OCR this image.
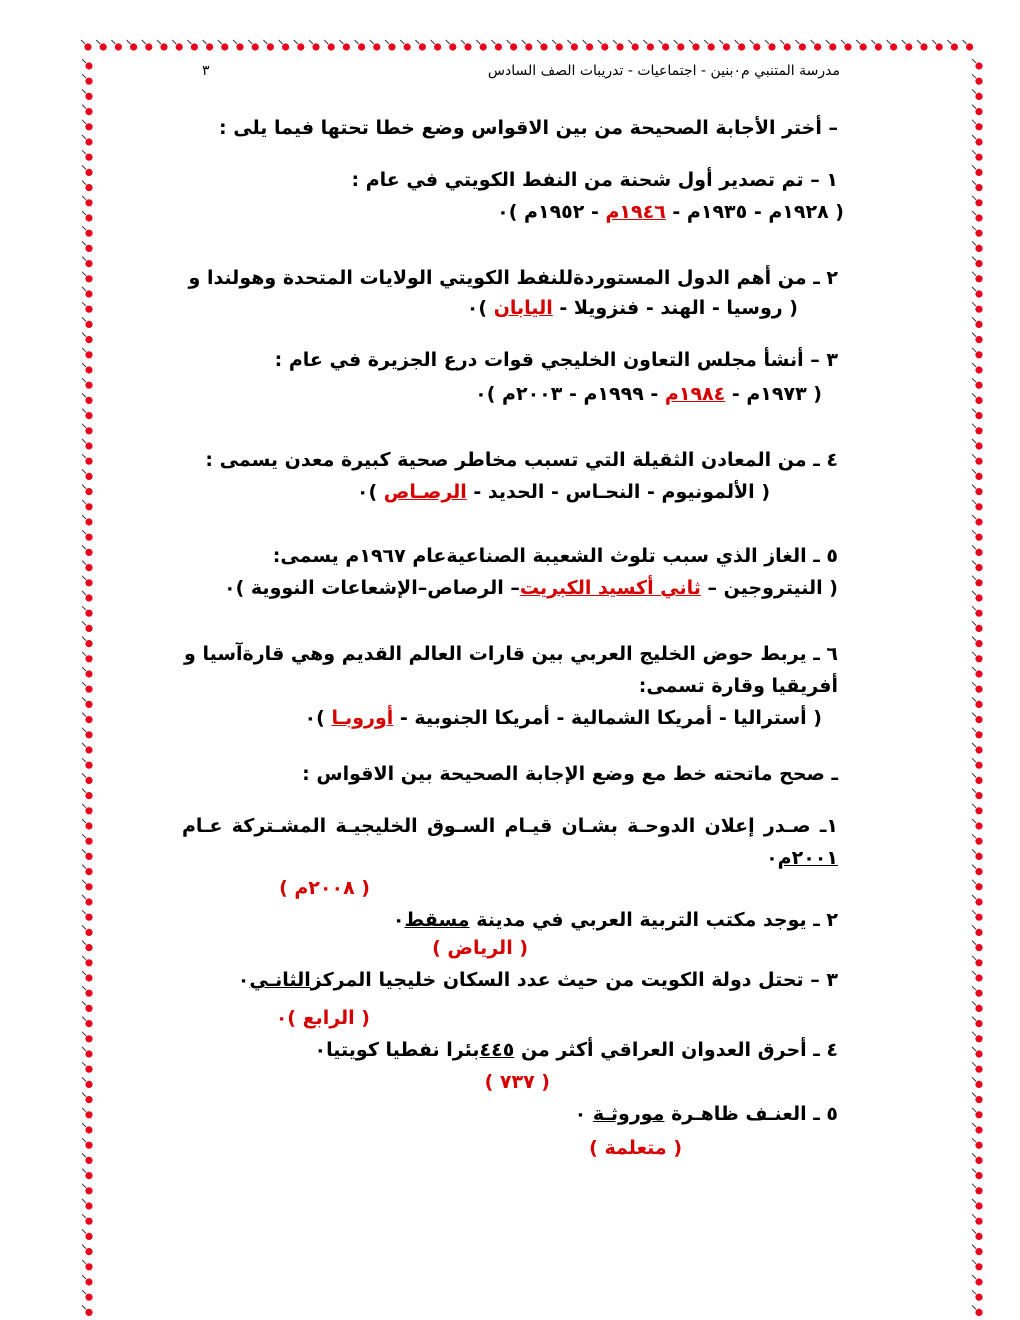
مدرسة المتنبي م٠بنين - اجتماعيات - تدريبات الصف السادس
٣
– أختر الأجابة الصحيحة من بين الاقواس وضع خطا تحتها فيما يلى :
١ – تم تصدير أول شحنة من النفط الكويتي في عام :
( ١٩٢٨م - ١٩٣٥م - ١٩٤٦م - ١٩٥٢م )٠
٢ ـ من أهم الدول المستوردةللنفط الكويتي الولايات المتحدة وهولندا و
( روسيا - الهند - فنزويلا - اليابان )٠
٣ – أنشأ مجلس التعاون الخليجي قوات درع الجزيرة في عام :
( ١٩٧٣م - ١٩٨٤م - ١٩٩٩م - ٢٠٠٣م )٠
٤ ـ من المعادن الثقيلة التي تسبب مخاطر صحية كبيرة معدن يسمى :
( الألمونيوم - النحـاس - الحديد - الرصـاص )٠
٥ ـ الغاز الذي سبب تلوث الشعيبة الصناعيةعام ١٩٦٧م يسمى:
( النيتروجين – ثاني أكسيد الكبريت– الرصاص–الإشعاعات النووية )٠
٦ ـ يربط حوض الخليج العربي بين قارات العالم القديم وهي قارةآسيا و
أفريقيا وقارة تسمى:
( أستراليا - أمريكا الشمالية - أمريكا الجنوبية - أوروبـا )٠
ـ صحح ماتحته خط مع وضع الإجابة الصحيحة بين الاقواس :
١ـ صـدر إعلان الدوحـة بشـان قيـام السـوق الخليجيـة المشـتركة عـام
٢٠٠١م٠
( ٢٠٠٨م )
٢ ـ يوجد مكتب التربية العربي في مدينة مسقط٠
( الرياض )
٣ – تحتل دولة الكويت من حيث عدد السكان خليجيا المركزالثانـي٠
( الرابع )٠
٤ ـ أحرق العدوان العراقي أكثر من ٤٤٥بئرا نفطيا كويتيا٠
( ٧٣٧ )
٥ ـ العنـف ظاهـرة موروثـة ٠
( متعلمة )
